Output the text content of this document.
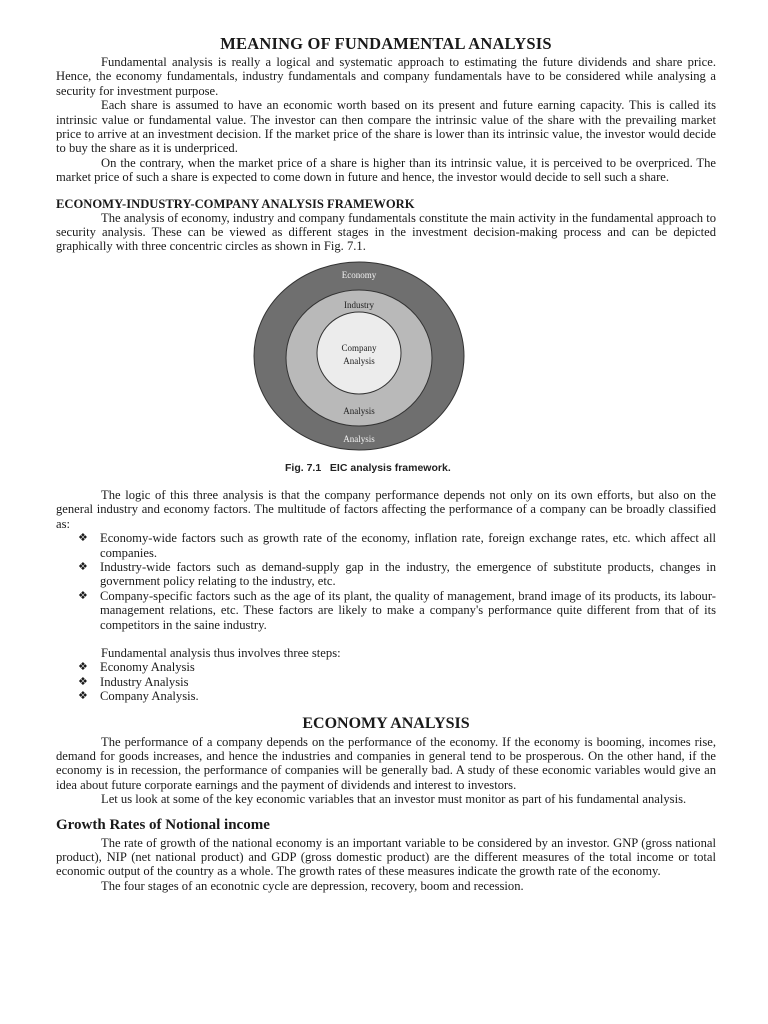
MEANING OF FUNDAMENTAL ANALYSIS

Fundamental analysis is really a logical and systematic approach to estimating the future dividends and share price. Hence, the economy fundamentals, industry fundamentals and company fundamentals have to be considered while analysing a security for investment purpose.

Each share is assumed to have an economic worth based on its present and future earning capacity. This is called its intrinsic value or fundamental value. The investor can then compare the intrinsic value of the share with the prevailing market price to arrive at an investment decision. If the market price of the share is lower than its intrinsic value, the investor would decide to buy the share as it is underpriced.

On the contrary, when the market price of a share is higher than its intrinsic value, it is perceived to be overpriced. The market price of such a share is expected to come down in future and hence, the investor would decide to sell such a share.

ECONOMY-INDUSTRY-COMPANY ANALYSIS FRAMEWORK

The analysis of economy, industry and company fundamentals constitute the main activity in the fundamental approach to security analysis. These can be viewed as different stages in the investment decision-making process and can be depicted graphically with three concentric circles as shown in Fig. 7.1.

Economy
Industry
Company
Analysis
Analysis
Analysis
Fig. 7.1   EIC analysis framework.

The logic of this three analysis is that the company performance depends not only on its own efforts, but also on the general industry and economy factors. The multitude of factors affecting the performance of a company can be broadly classified as:

❖ Economy-wide factors such as growth rate of the economy, inflation rate, foreign exchange rates, etc. which affect all companies.
❖ Industry-wide factors such as demand-supply gap in the industry, the emergence of substitute products, changes in government policy relating to the industry, etc.
❖ Company-specific factors such as the age of its plant, the quality of management, brand image of its products, its labour-management relations, etc. These factors are likely to make a company's performance quite different from that of its competitors in the saine industry.

Fundamental analysis thus involves three steps:

❖ Economy Analysis
❖ Industry Analysis
❖ Company Analysis.
ECONOMY ANALYSIS

The performance of a company depends on the performance of the economy. If the economy is booming, incomes rise, demand for goods increases, and hence the industries and companies in general tend to be prosperous. On the other hand, if the economy is in recession, the performance of companies will be generally bad. A study of these economic variables would give an idea about future corporate earnings and the payment of dividends and interest to investors.

Let us look at some of the key economic variables that an investor must monitor as part of his fundamental analysis.

Growth Rates of Notional income

The rate of growth of the national economy is an important variable to be considered by an investor. GNP (gross national product), NIP (net national product) and GDP (gross domestic product) are the different measures of the total income or total economic output of the country as a whole. The growth rates of these measures indicate the growth rate of the economy.

The four stages of an econotnic cycle are depression, recovery, boom and recession.
